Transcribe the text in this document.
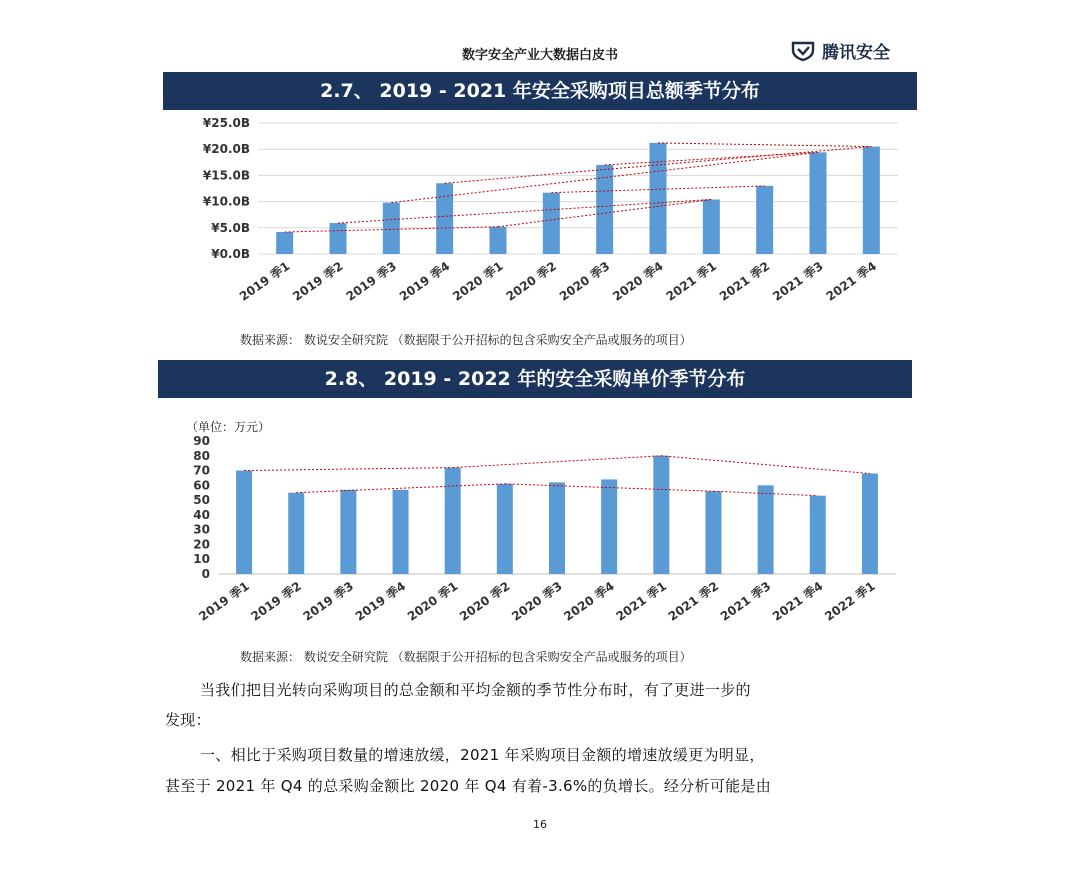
数字安全产业大数据白皮书	腾讯安全
2.7、 2019 - 2021 年安全采购项目总额季节分布
¥0.0B
¥5.0B
¥10.0B
¥15.0B
¥20.0B
¥25.0B
2019 季1
2019 季2
2019 季3
2019 季4
2020 季1
2020 季2
2020 季3
2020 季4
2021 季1
2021 季2
2021 季3
2021 季4
数据来源： 数说安全研究院 （数据限于公开招标的包含采购安全产品或服务的项目）
2.8、 2019 - 2022 年的安全采购单价季节分布
（单位：万元）
0
10
20
30
40
50
60
70
80
90
2019 季1
2019 季2
2019 季3
2019 季4
2020 季1
2020 季2
2020 季3
2020 季4
2021 季1
2021 季2
2021 季3
2021 季4
2022 季1
数据来源： 数说安全研究院 （数据限于公开招标的包含采购安全产品或服务的项目）
当我们把目光转向采购项目的总金额和平均金额的季节性分布时，有了更进一步的
发现：
一、相比于采购项目数量的增速放缓，2021 年采购项目金额的增速放缓更为明显，
甚至于 2021 年 Q4 的总采购金额比 2020 年 Q4 有着-3.6%的负增长。经分析可能是由
16
